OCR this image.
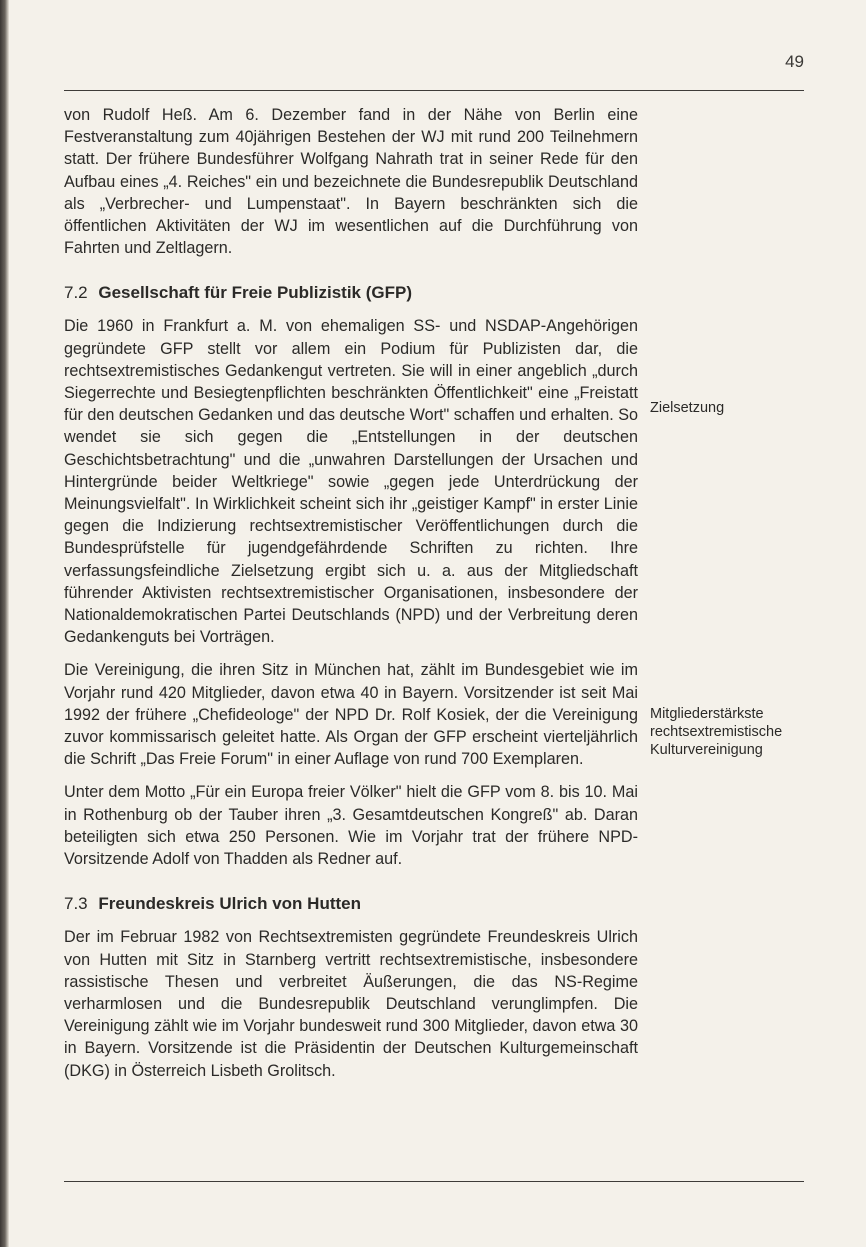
49

von Rudolf Heß. Am 6. Dezember fand in der Nähe von Berlin eine Festveranstaltung zum 40jährigen Bestehen der WJ mit rund 200 Teilnehmern statt. Der frühere Bundesführer Wolfgang Nahrath trat in seiner Rede für den Aufbau eines „4. Reiches" ein und bezeichnete die Bundesrepublik Deutschland als „Verbrecher- und Lumpenstaat". In Bayern beschränkten sich die öffentlichen Aktivitäten der WJ im wesentlichen auf die Durchführung von Fahrten und Zeltlagern.

7.2 Gesellschaft für Freie Publizistik (GFP)

Die 1960 in Frankfurt a. M. von ehemaligen SS- und NSDAP-Angehörigen gegründete GFP stellt vor allem ein Podium für Publizisten dar, die rechtsextremistisches Gedankengut vertreten. Sie will in einer angeblich „durch Siegerrechte und Besiegtenpflichten beschränkten Öffentlichkeit" eine „Freistatt für den deutschen Gedanken und das deutsche Wort" schaffen und erhalten. So wendet sie sich gegen die „Entstellungen in der deutschen Geschichtsbetrachtung" und die „unwahren Darstellungen der Ursachen und Hintergründe beider Weltkriege" sowie „gegen jede Unterdrückung der Meinungsvielfalt". In Wirklichkeit scheint sich ihr „geistiger Kampf" in erster Linie gegen die Indizierung rechtsextremistischer Veröffentlichungen durch die Bundesprüfstelle für jugendgefährdende Schriften zu richten. Ihre verfassungsfeindliche Zielsetzung ergibt sich u. a. aus der Mitgliedschaft führender Aktivisten rechtsextremistischer Organisationen, insbesondere der Nationaldemokratischen Partei Deutschlands (NPD) und der Verbreitung deren Gedankenguts bei Vorträgen.

Die Vereinigung, die ihren Sitz in München hat, zählt im Bundesgebiet wie im Vorjahr rund 420 Mitglieder, davon etwa 40 in Bayern. Vorsitzender ist seit Mai 1992 der frühere „Chefideologe" der NPD Dr. Rolf Kosiek, der die Vereinigung zuvor kommissarisch geleitet hatte. Als Organ der GFP erscheint vierteljährlich die Schrift „Das Freie Forum" in einer Auflage von rund 700 Exemplaren.

Unter dem Motto „Für ein Europa freier Völker" hielt die GFP vom 8. bis 10. Mai in Rothenburg ob der Tauber ihren „3. Gesamtdeutschen Kongreß" ab. Daran beteiligten sich etwa 250 Personen. Wie im Vorjahr trat der frühere NPD-Vorsitzende Adolf von Thadden als Redner auf.

7.3 Freundeskreis Ulrich von Hutten

Der im Februar 1982 von Rechtsextremisten gegründete Freundeskreis Ulrich von Hutten mit Sitz in Starnberg vertritt rechtsextremistische, insbesondere rassistische Thesen und verbreitet Äußerungen, die das NS-Regime verharmlosen und die Bundesrepublik Deutschland verunglimpfen. Die Vereinigung zählt wie im Vorjahr bundesweit rund 300 Mitglieder, davon etwa 30 in Bayern. Vorsitzende ist die Präsidentin der Deutschen Kulturgemeinschaft (DKG) in Österreich Lisbeth Grolitsch.

Zielsetzung
Mitgliederstärkste rechtsextremistische Kulturvereinigung
